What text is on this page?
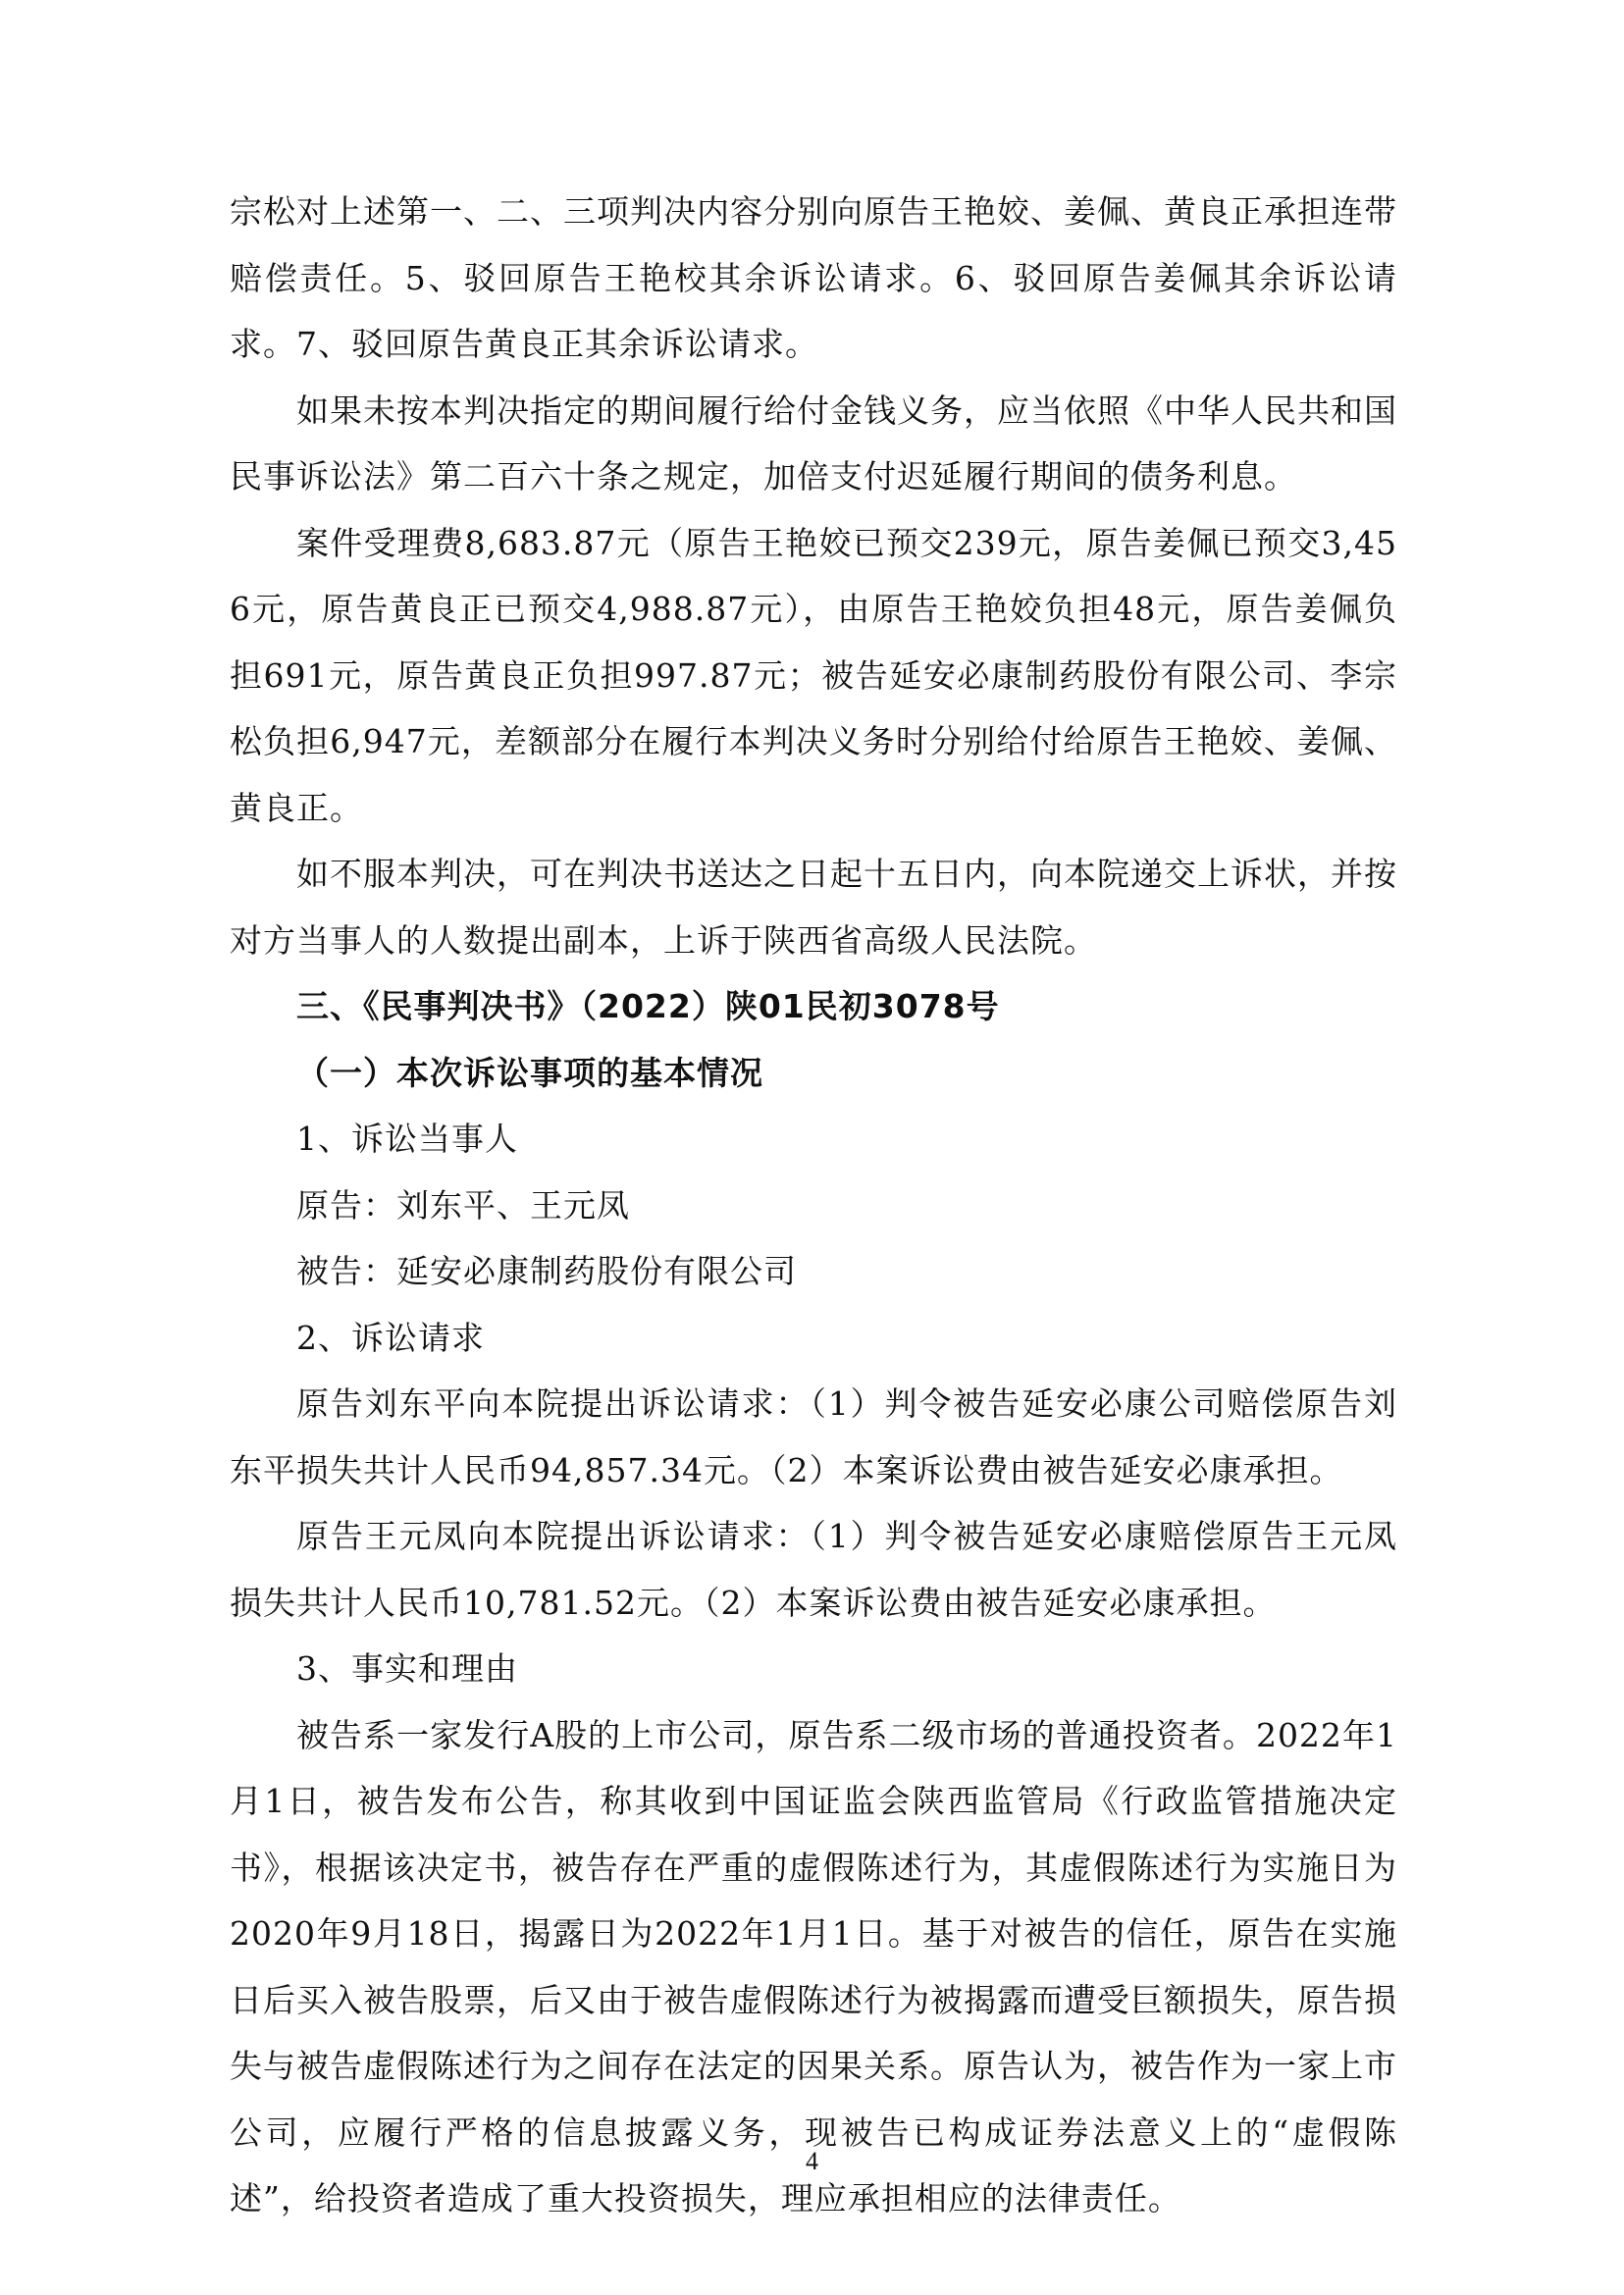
宗松对上述第一、二、三项判决内容分别向原告王艳姣、姜佩、黄良正承担连带赔偿责任。5、驳回原告王艳校其余诉讼请求。6、驳回原告姜佩其余诉讼请求。7、驳回原告黄良正其余诉讼请求。

如果未按本判决指定的期间履行给付金钱义务，应当依照《中华人民共和国民事诉讼法》第二百六十条之规定，加倍支付迟延履行期间的债务利息。

案件受理费8,683.87元（原告王艳姣已预交239元，原告姜佩已预交3,456元，原告黄良正已预交4,988.87元），由原告王艳姣负担48元，原告姜佩负担691元，原告黄良正负担997.87元；被告延安必康制药股份有限公司、李宗松负担6,947元，差额部分在履行本判决义务时分别给付给原告王艳姣、姜佩、黄良正。

如不服本判决，可在判决书送达之日起十五日内，向本院递交上诉状，并按对方当事人的人数提出副本，上诉于陕西省高级人民法院。

三、《民事判决书》（2022）陕01民初3078号

（一）本次诉讼事项的基本情况

1、诉讼当事人

原告：刘东平、王元凤

被告：延安必康制药股份有限公司

2、诉讼请求

原告刘东平向本院提出诉讼请求：（1）判令被告延安必康公司赔偿原告刘东平损失共计人民币94,857.34元。（2）本案诉讼费由被告延安必康承担。

原告王元凤向本院提出诉讼请求：（1）判令被告延安必康赔偿原告王元凤损失共计人民币10,781.52元。（2）本案诉讼费由被告延安必康承担。

3、事实和理由

被告系一家发行A股的上市公司，原告系二级市场的普通投资者。2022年1月1日，被告发布公告，称其收到中国证监会陕西监管局《行政监管措施决定书》，根据该决定书，被告存在严重的虚假陈述行为，其虚假陈述行为实施日为2020年9月18日，揭露日为2022年1月1日。基于对被告的信任，原告在实施日后买入被告股票，后又由于被告虚假陈述行为被揭露而遭受巨额损失，原告损失与被告虚假陈述行为之间存在法定的因果关系。原告认为，被告作为一家上市公司，应履行严格的信息披露义务，现被告已构成证券法意义上的“虚假陈述”，给投资者造成了重大投资损失，理应承担相应的法律责任。

4
